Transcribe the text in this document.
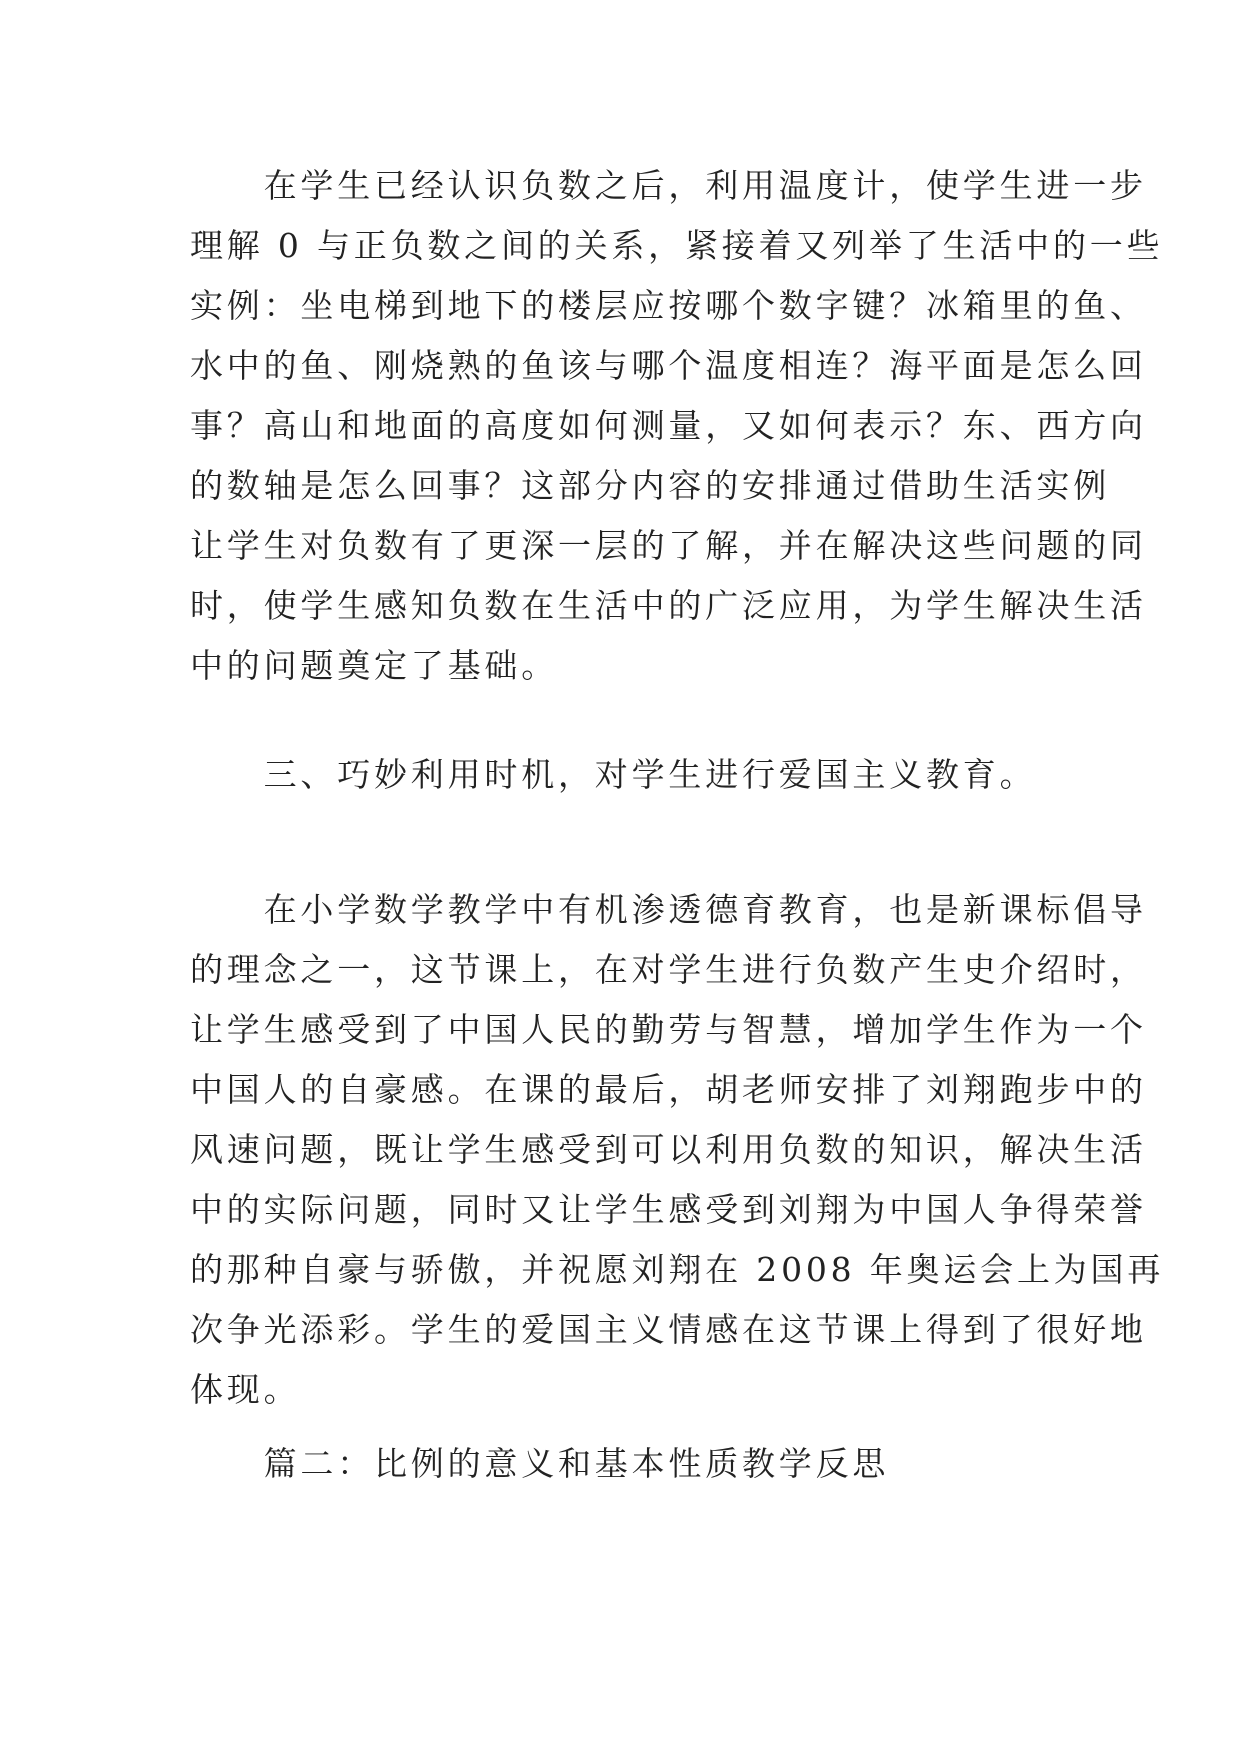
　　在学生已经认识负数之后，利用温度计，使学生进一步
理解 0 与正负数之间的关系，紧接着又列举了生活中的一些
实例：坐电梯到地下的楼层应按哪个数字键？冰箱里的鱼、
水中的鱼、刚烧熟的鱼该与哪个温度相连？海平面是怎么回
事？高山和地面的高度如何测量，又如何表示？东、西方向
的数轴是怎么回事？这部分内容的安排通过借助生活实例
让学生对负数有了更深一层的了解，并在解决这些问题的同
时，使学生感知负数在生活中的广泛应用，为学生解决生活
中的问题奠定了基础。
　　三、巧妙利用时机，对学生进行爱国主义教育。
　　在小学数学教学中有机渗透德育教育，也是新课标倡导
的理念之一，这节课上，在对学生进行负数产生史介绍时，
让学生感受到了中国人民的勤劳与智慧，增加学生作为一个
中国人的自豪感。在课的最后，胡老师安排了刘翔跑步中的
风速问题，既让学生感受到可以利用负数的知识，解决生活
中的实际问题，同时又让学生感受到刘翔为中国人争得荣誉
的那种自豪与骄傲，并祝愿刘翔在 2008 年奥运会上为国再
次争光添彩。学生的爱国主义情感在这节课上得到了很好地
体现。
　　篇二：比例的意义和基本性质教学反思
